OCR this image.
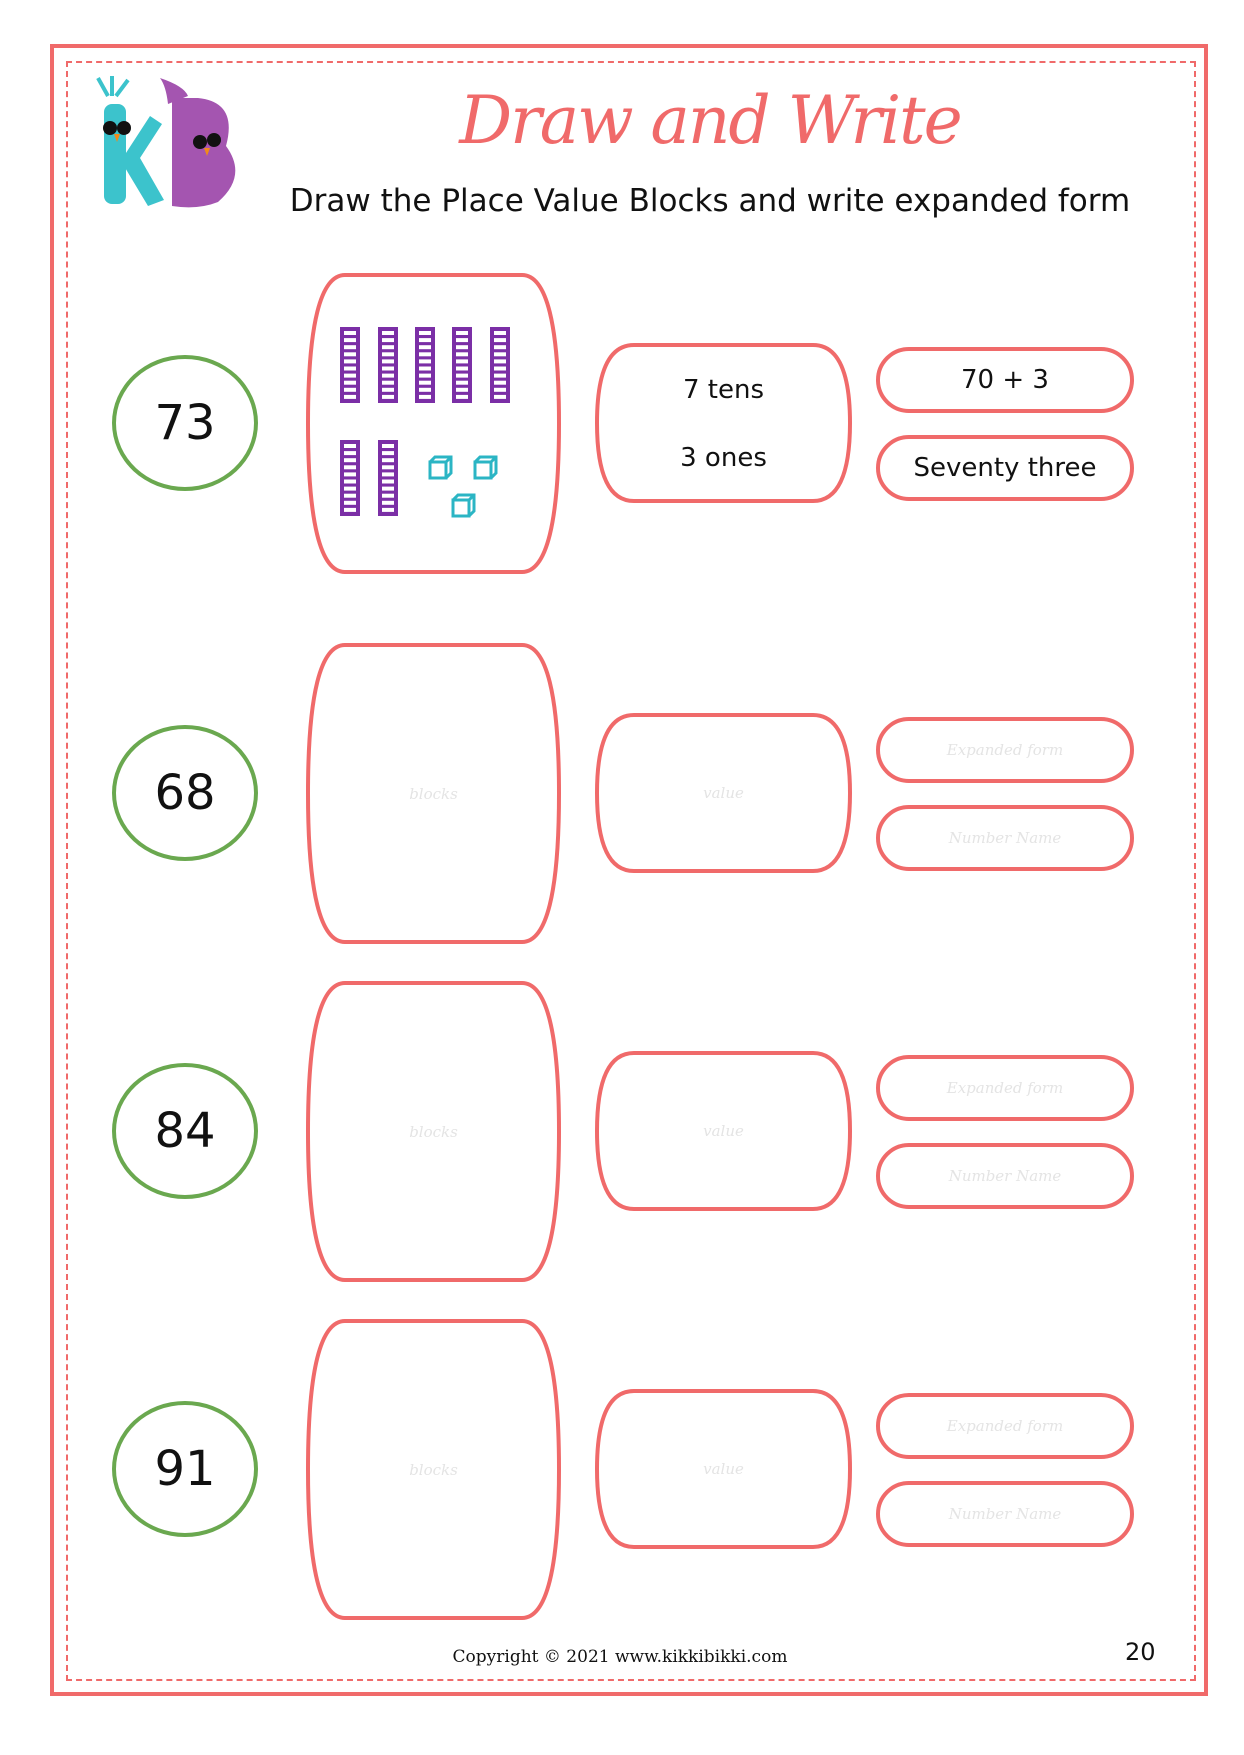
Draw and Write
Draw the Place Value Blocks and write expanded form
73
7 tens
3 ones
70 + 3
Seventy three
68	blocks	value
Expanded form
Number Name
84	blocks	value
Expanded form
Number Name
91	blocks	value
Expanded form
Number Name
Copyright © 2021 www.kikkibikki.com	20
